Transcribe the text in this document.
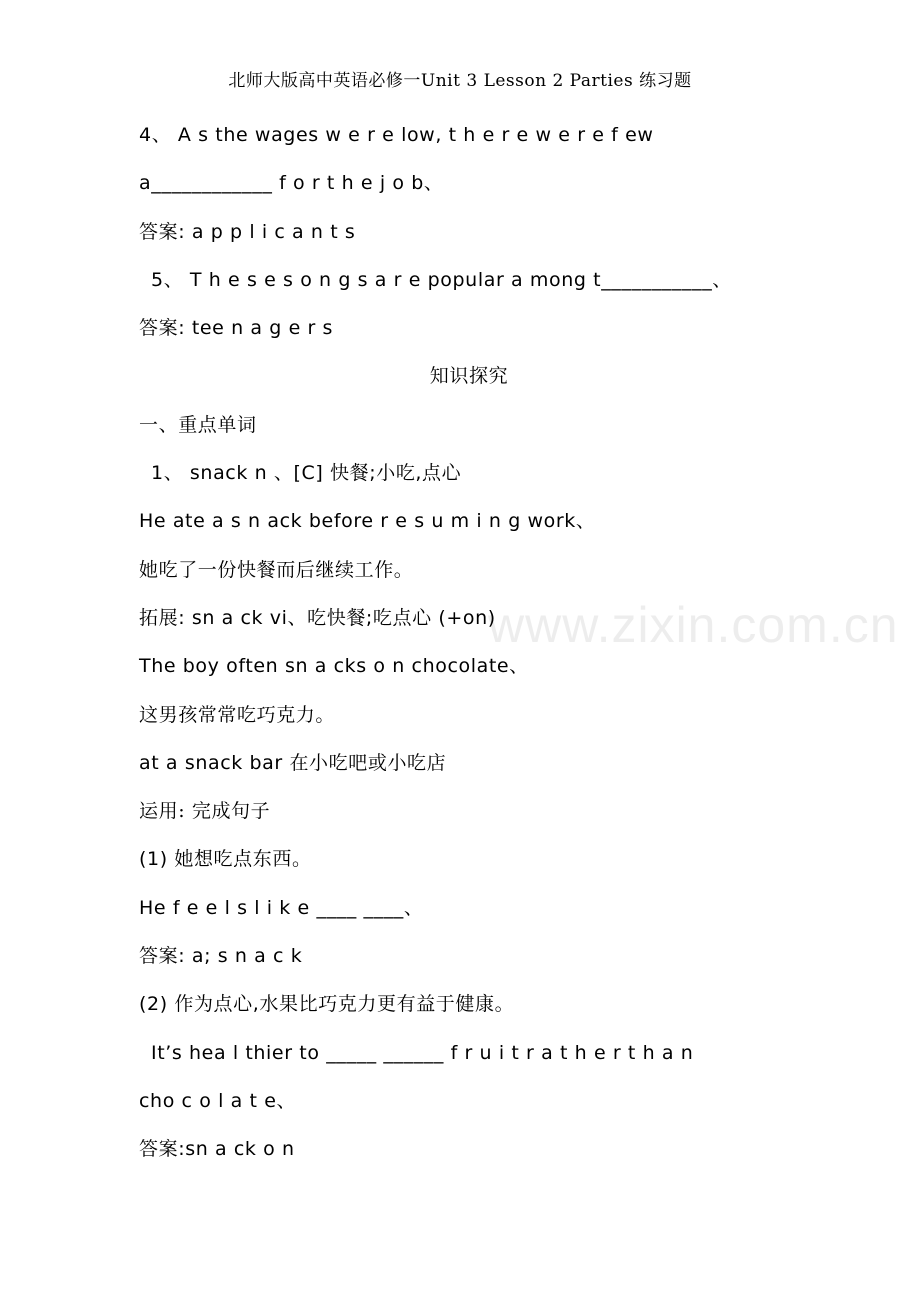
北师大版高中英语必修一Unit 3 Lesson 2 Parties 练习题
www.zixin.com.cn
4、 A s the wages w e r e low, t h e r e w e r e f ew
a____________ f o r t h e j o b、
答案: a p p l i c a n t s
5、 T h e s e s o n g s a r e popular a mong t___________、
答案: tee n a g e r s
知识探究
一、重点单词
1、 snack n 、[C] 快餐;小吃,点心
He ate a s n ack before r e s u m i n g work、
她吃了一份快餐而后继续工作。
拓展: sn a ck vi、吃快餐;吃点心 (+on)
The boy often sn a cks o n chocolate、
这男孩常常吃巧克力。
at a snack bar 在小吃吧或小吃店
运用: 完成句子
(1) 她想吃点东西。
He f e e l s l i k e ____ ____、
答案: a; s n a c k
(2) 作为点心,水果比巧克力更有益于健康。
It’s hea l thier to _____ ______ f r u i t r a t h e r t h a n
cho c o l a t e、
答案:sn a ck o n
